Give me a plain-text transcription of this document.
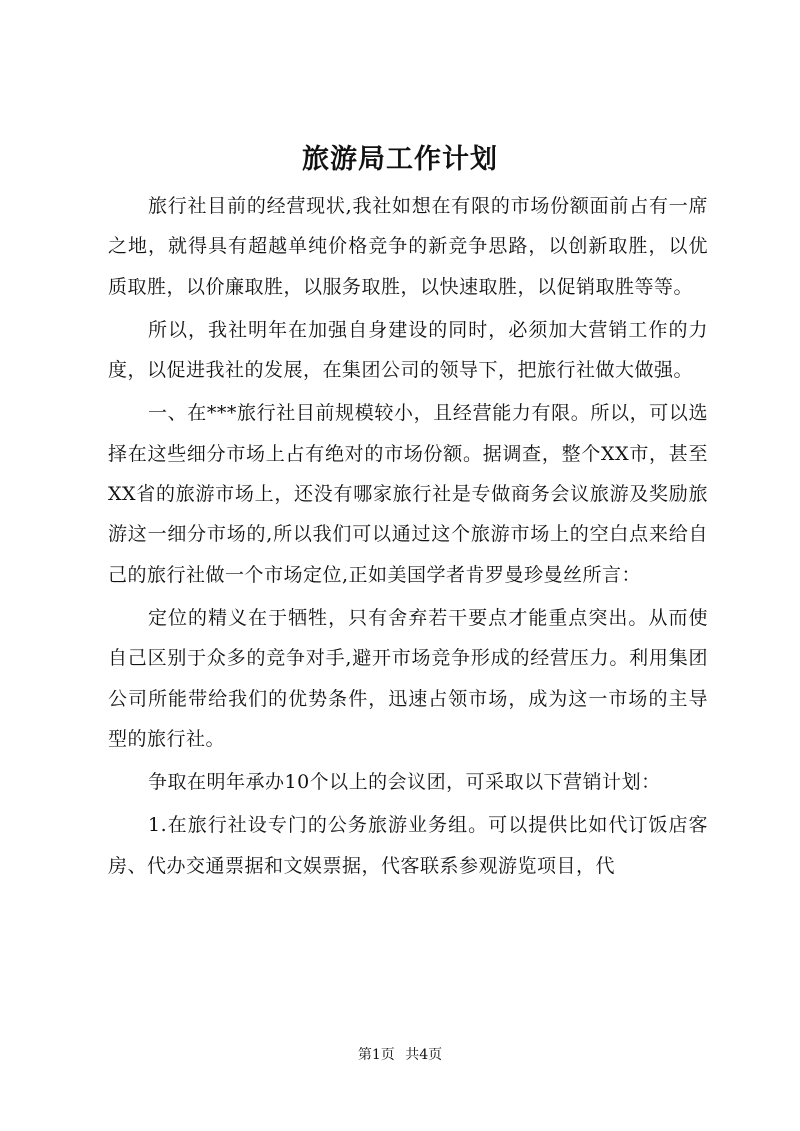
旅游局工作计划

旅行社目前的经营现状,我社如想在有限的市场份额面前占有一席之地，就得具有超越单纯价格竞争的新竞争思路，以创新取胜，以优质取胜，以价廉取胜，以服务取胜，以快速取胜，以促销取胜等等。

所以，我社明年在加强自身建设的同时，必须加大营销工作的力度，以促进我社的发展，在集团公司的领导下，把旅行社做大做强。

一、在***旅行社目前规模较小，且经营能力有限。所以，可以选择在这些细分市场上占有绝对的市场份额。据调查，整个XX市，甚至XX省的旅游市场上，还没有哪家旅行社是专做商务会议旅游及奖励旅游这一细分市场的,所以我们可以通过这个旅游市场上的空白点来给自己的旅行社做一个市场定位,正如美国学者肯罗曼珍曼丝所言：

定位的精义在于牺牲，只有舍弃若干要点才能重点突出。从而使自己区别于众多的竞争对手,避开市场竞争形成的经营压力。利用集团公司所能带给我们的优势条件，迅速占领市场，成为这一市场的主导型的旅行社。

争取在明年承办10个以上的会议团，可采取以下营销计划：

1.在旅行社设专门的公务旅游业务组。可以提供比如代订饭店客房、代办交通票据和文娱票据，代客联系参观游览项目，代

第1页 共4页
